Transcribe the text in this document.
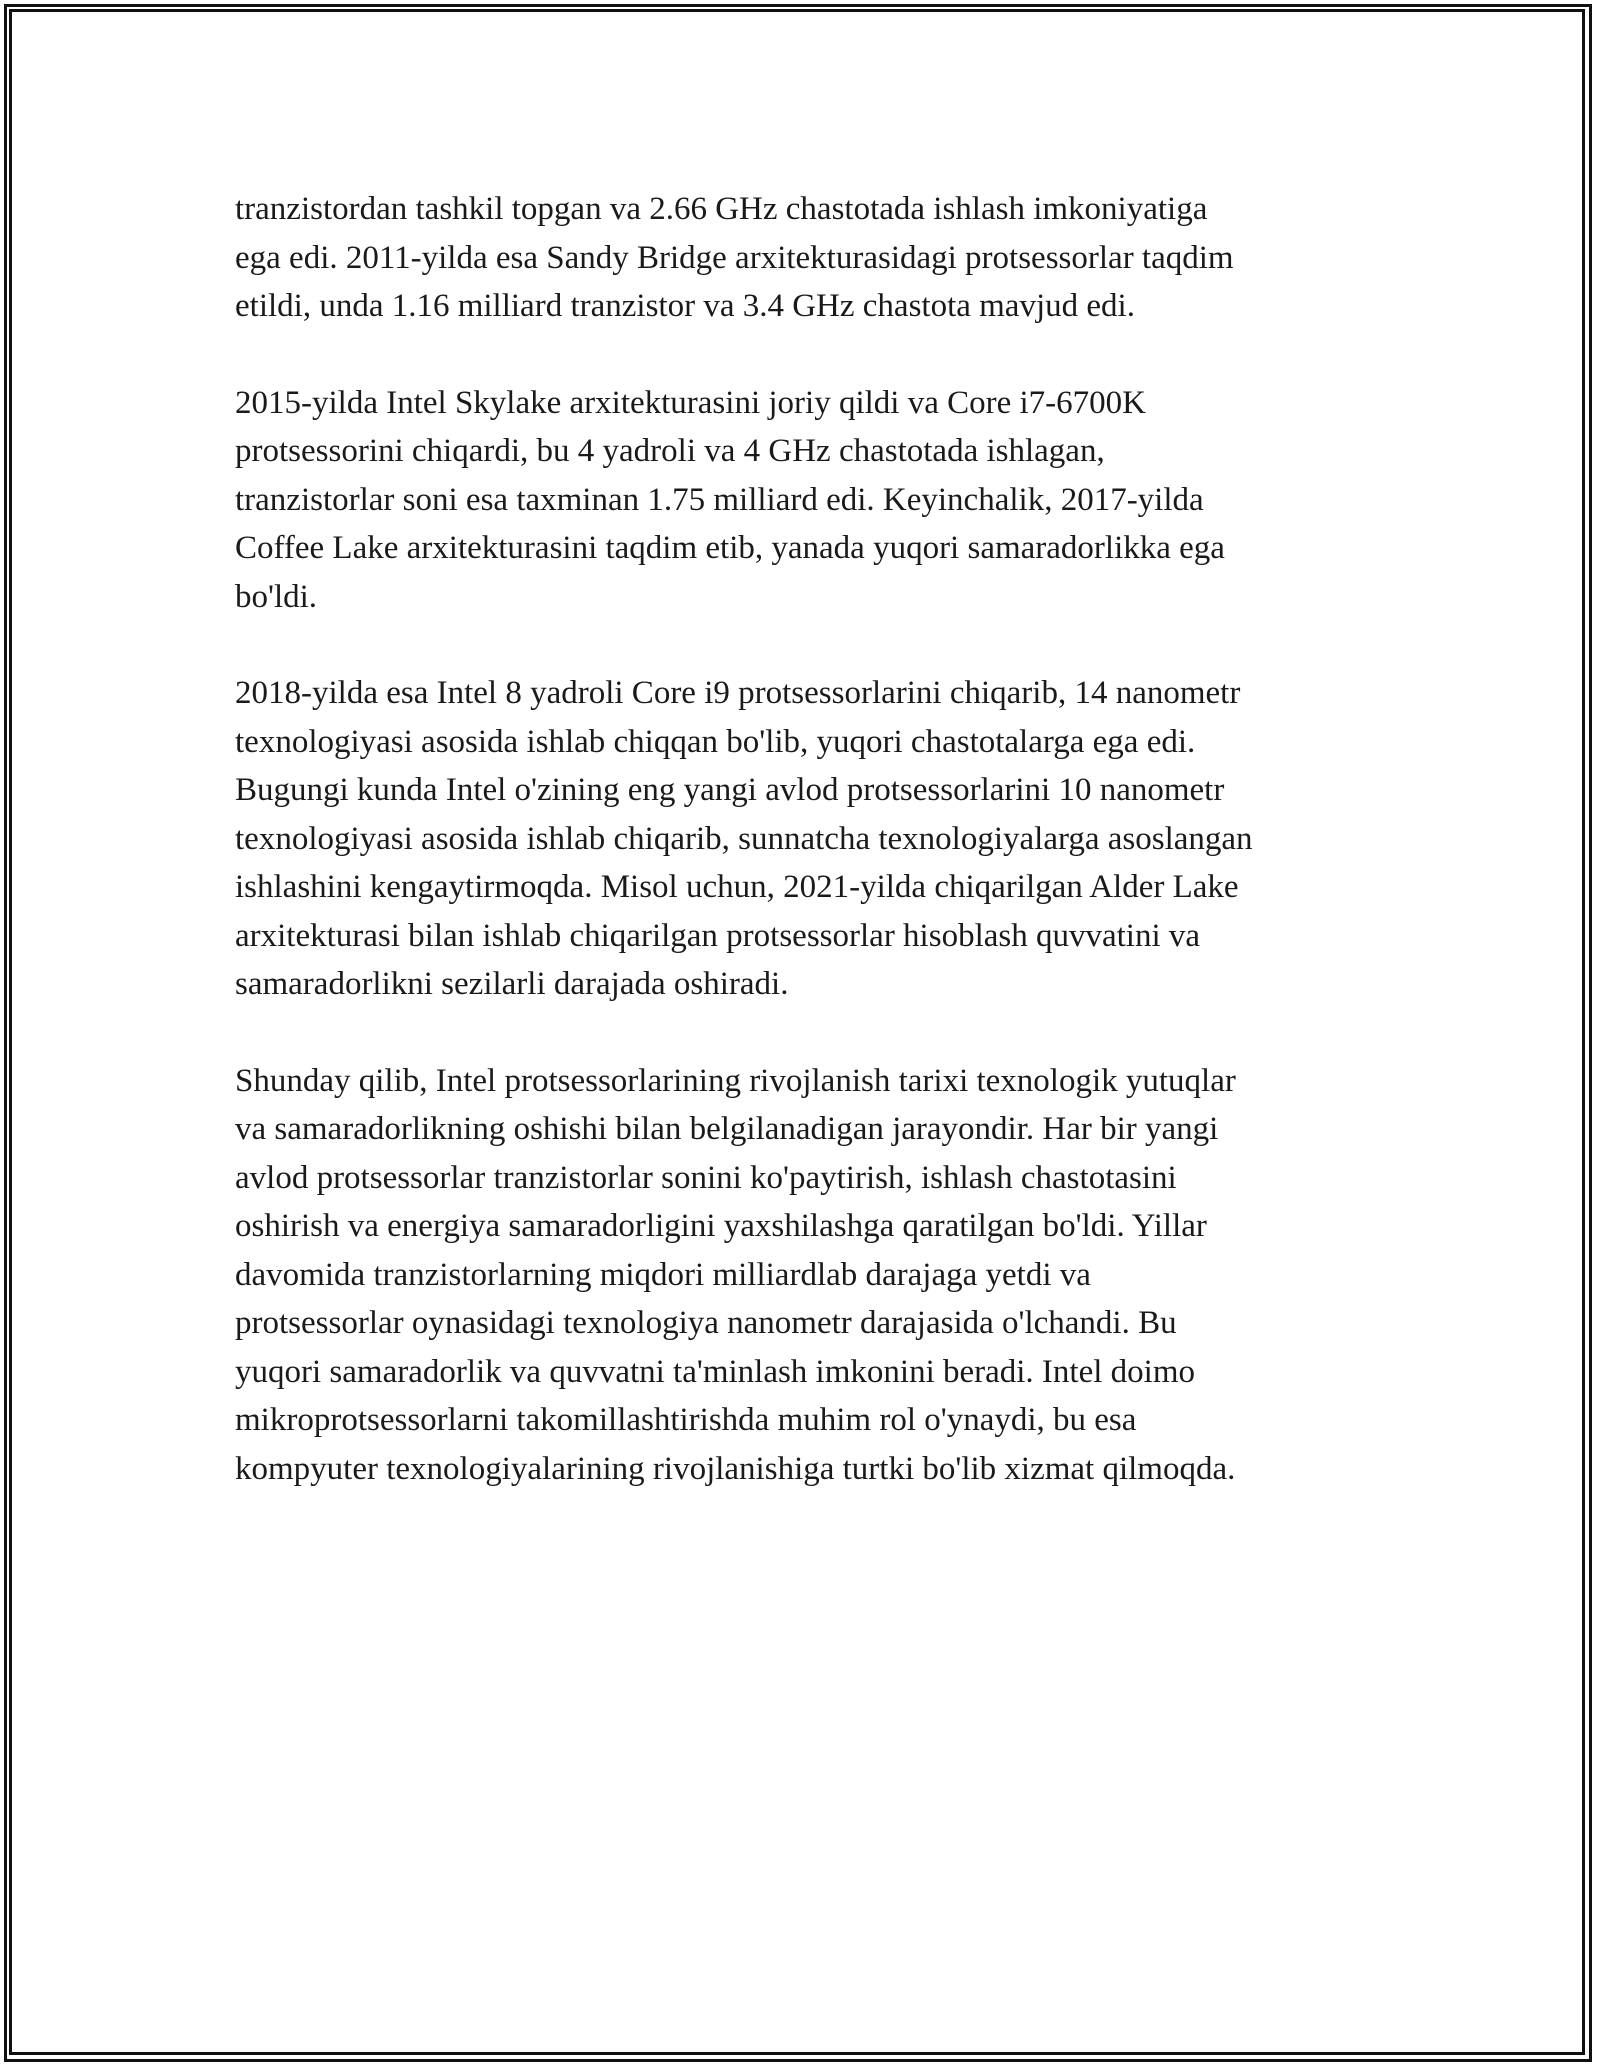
tranzistordan tashkil topgan va 2.66 GHz chastotada ishlash imkoniyatiga
ega edi. 2011-yilda esa Sandy Bridge arxitekturasidagi protsessorlar taqdim
etildi, unda 1.16 milliard tranzistor va 3.4 GHz chastota mavjud edi.

2015-yilda Intel Skylake arxitekturasini joriy qildi va Core i7-6700K
protsessorini chiqardi, bu 4 yadroli va 4 GHz chastotada ishlagan,
tranzistorlar soni esa taxminan 1.75 milliard edi. Keyinchalik, 2017-yilda
Coffee Lake arxitekturasini taqdim etib, yanada yuqori samaradorlikka ega
bo'ldi.

2018-yilda esa Intel 8 yadroli Core i9 protsessorlarini chiqarib, 14 nanometr
texnologiyasi asosida ishlab chiqqan bo'lib, yuqori chastotalarga ega edi.
Bugungi kunda Intel o'zining eng yangi avlod protsessorlarini 10 nanometr
texnologiyasi asosida ishlab chiqarib, sunnatcha texnologiyalarga asoslangan
ishlashini kengaytirmoqda. Misol uchun, 2021-yilda chiqarilgan Alder Lake
arxitekturasi bilan ishlab chiqarilgan protsessorlar hisoblash quvvatini va
samaradorlikni sezilarli darajada oshiradi.

Shunday qilib, Intel protsessorlarining rivojlanish tarixi texnologik yutuqlar
va samaradorlikning oshishi bilan belgilanadigan jarayondir. Har bir yangi
avlod protsessorlar tranzistorlar sonini ko'paytirish, ishlash chastotasini
oshirish va energiya samaradorligini yaxshilashga qaratilgan bo'ldi. Yillar
davomida tranzistorlarning miqdori milliardlab darajaga yetdi va
protsessorlar oynasidagi texnologiya nanometr darajasida o'lchandi. Bu
yuqori samaradorlik va quvvatni ta'minlash imkonini beradi. Intel doimo
mikroprotsessorlarni takomillashtirishda muhim rol o'ynaydi, bu esa
kompyuter texnologiyalarining rivojlanishiga turtki bo'lib xizmat qilmoqda.
